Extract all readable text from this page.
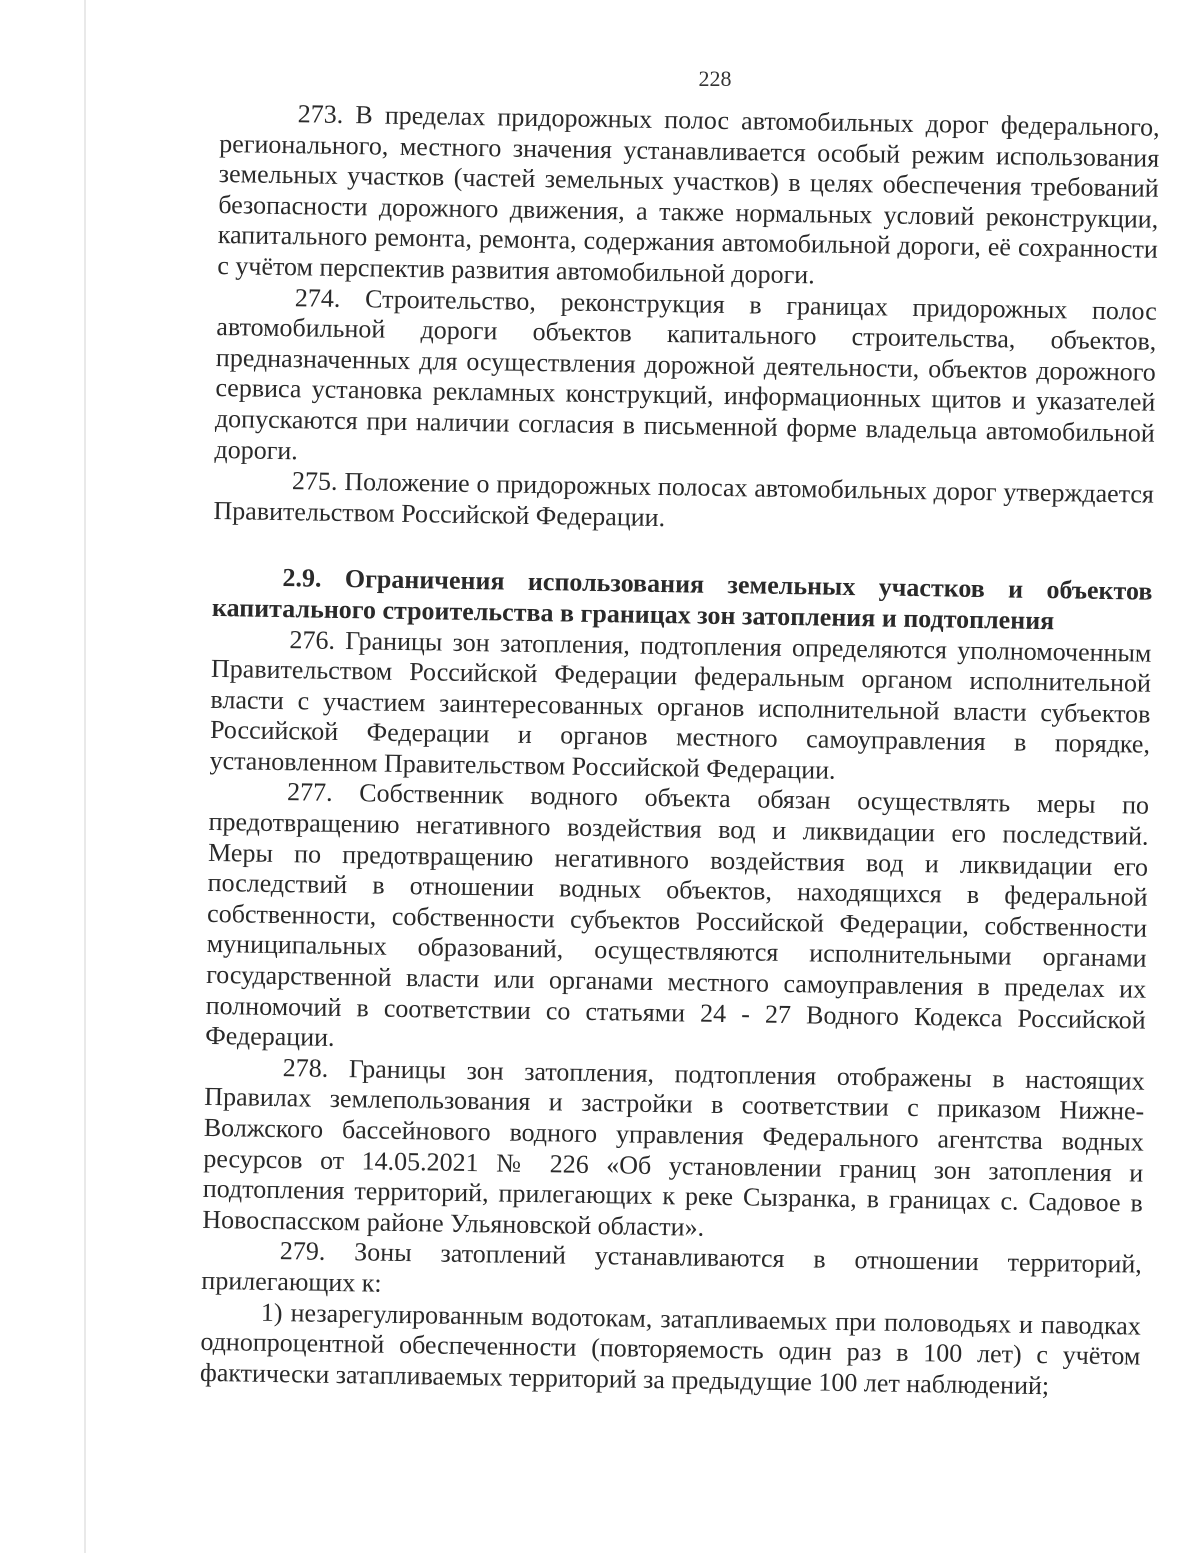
228

273. В пределах придорожных полос автомобильных дорог федерального, регионального, местного значения устанавливается особый режим использования земельных участков (частей земельных участков) в целях обеспечения требований безопасности дорожного движения, а также нормальных условий реконструкции, капитального ремонта, ремонта, содержания автомобильной дороги, её сохранности с учётом перспектив развития автомобильной дороги.

274. Строительство, реконструкция в границах придорожных полос автомобильной дороги объектов капитального строительства, объектов, предназначенных для осуществления дорожной деятельности, объектов дорожного сервиса установка рекламных конструкций, информационных щитов и указателей допускаются при наличии согласия в письменной форме владельца автомобильной дороги.

275. Положение о придорожных полосах автомобильных дорог утверждается Правительством Российской Федерации.

2.9. Ограничения использования земельных участков и объектов капитального строительства в границах зон затопления и подтопления

276. Границы зон затопления, подтопления определяются уполномоченным Правительством Российской Федерации федеральным органом исполнительной власти с участием заинтересованных органов исполнительной власти субъектов Российской Федерации и органов местного самоуправления в порядке, установленном Правительством Российской Федерации.

277. Собственник водного объекта обязан осуществлять меры по предотвращению негативного воздействия вод и ликвидации его последствий. Меры по предотвращению негативного воздействия вод и ликвидации его последствий в отношении водных объектов, находящихся в федеральной собственности, собственности субъектов Российской Федерации, собственности муниципальных образований, осуществляются исполнительными органами государственной власти или органами местного самоуправления в пределах их полномочий в соответствии со статьями 24 - 27 Водного Кодекса Российской Федерации.

278. Границы зон затопления, подтопления отображены в настоящих Правилах землепользования и застройки в соответствии с приказом Нижне-Волжского бассейнового водного управления Федерального агентства водных ресурсов от 14.05.2021 № 226 «Об установлении границ зон затопления и подтопления территорий, прилегающих к реке Сызранка, в границах с. Садовое в Новоспасском районе Ульяновской области».

279. Зоны затоплений устанавливаются в отношении территорий, прилегающих к:

1) незарегулированным водотокам, затапливаемых при половодьях и паводках однопроцентной обеспеченности (повторяемость один раз в 100 лет) с учётом фактически затапливаемых территорий за предыдущие 100 лет наблюдений;
